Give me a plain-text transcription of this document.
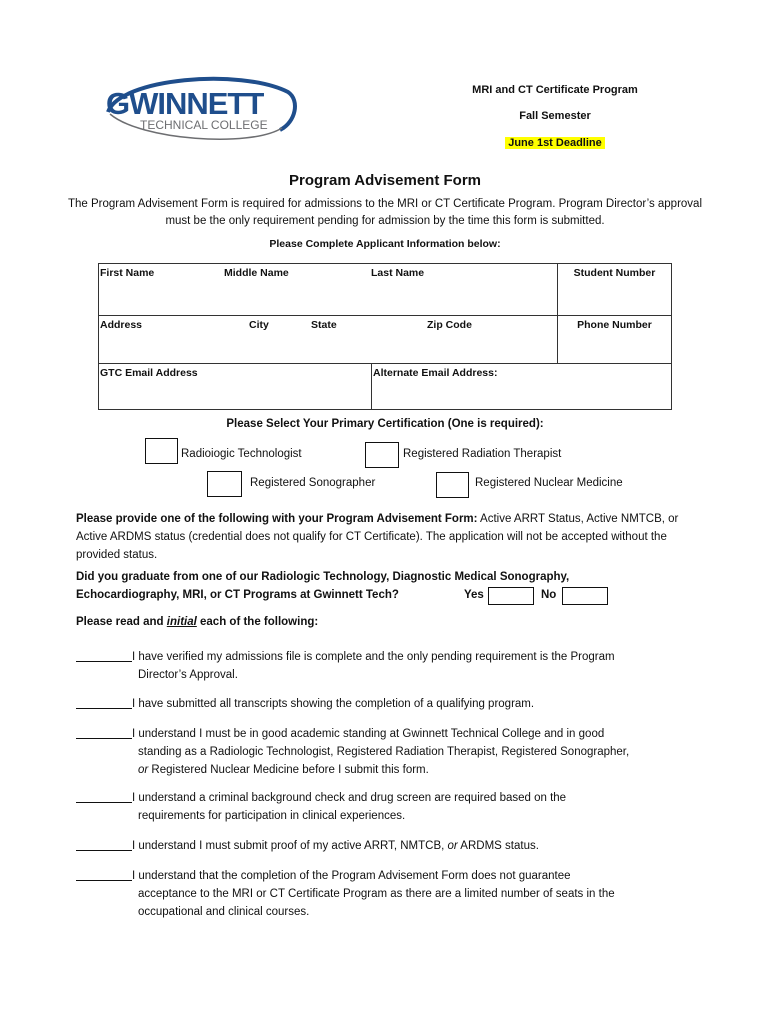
GWINNETT
TECHNICAL COLLEGE
MRI and CT Certificate Program
Fall Semester
June 1st Deadline
Program Advisement Form
The Program Advisement Form is required for admissions to the MRI or CT Certificate Program. Program Director’s approval must be the only requirement pending for admission by the time this form is submitted.
Please Complete Applicant Information below:
First Name Middle Name Last Name		Student Number

Address City State Zip Code		Phone Number
GTC Email Address	Alternate Email Address:	
Please Select Your Primary Certification (One is required):
Radioiogic Technologist	Registered Radiation Therapist
Registered Sonographer	Registered Nuclear Medicine
Please provide one of the following with your Program Advisement Form: Active ARRT Status, Active NMTCB, or Active ARDMS status (credential does not qualify for CT Certificate). The application will not be accepted without the provided status.
Did you graduate from one of our Radiologic Technology, Diagnostic Medical Sonography,
Echocardiography, MRI, or CT Programs at Gwinnett Tech?	Yes	No
Please read and initial each of the following:
I have verified my admissions file is complete and the only pending requirement is the Program
Director’s Approval.
I have submitted all transcripts showing the completion of a qualifying program.
I understand I must be in good academic standing at Gwinnett Technical College and in good
standing as a Radiologic Technologist, Registered Radiation Therapist, Registered Sonographer,
or Registered Nuclear Medicine before I submit this form.
I understand a criminal background check and drug screen are required based on the
requirements for participation in clinical experiences.
I understand I must submit proof of my active ARRT, NMTCB, or ARDMS status.
I understand that the completion of the Program Advisement Form does not guarantee
acceptance to the MRI or CT Certificate Program as there are a limited number of seats in the
occupational and clinical courses.
